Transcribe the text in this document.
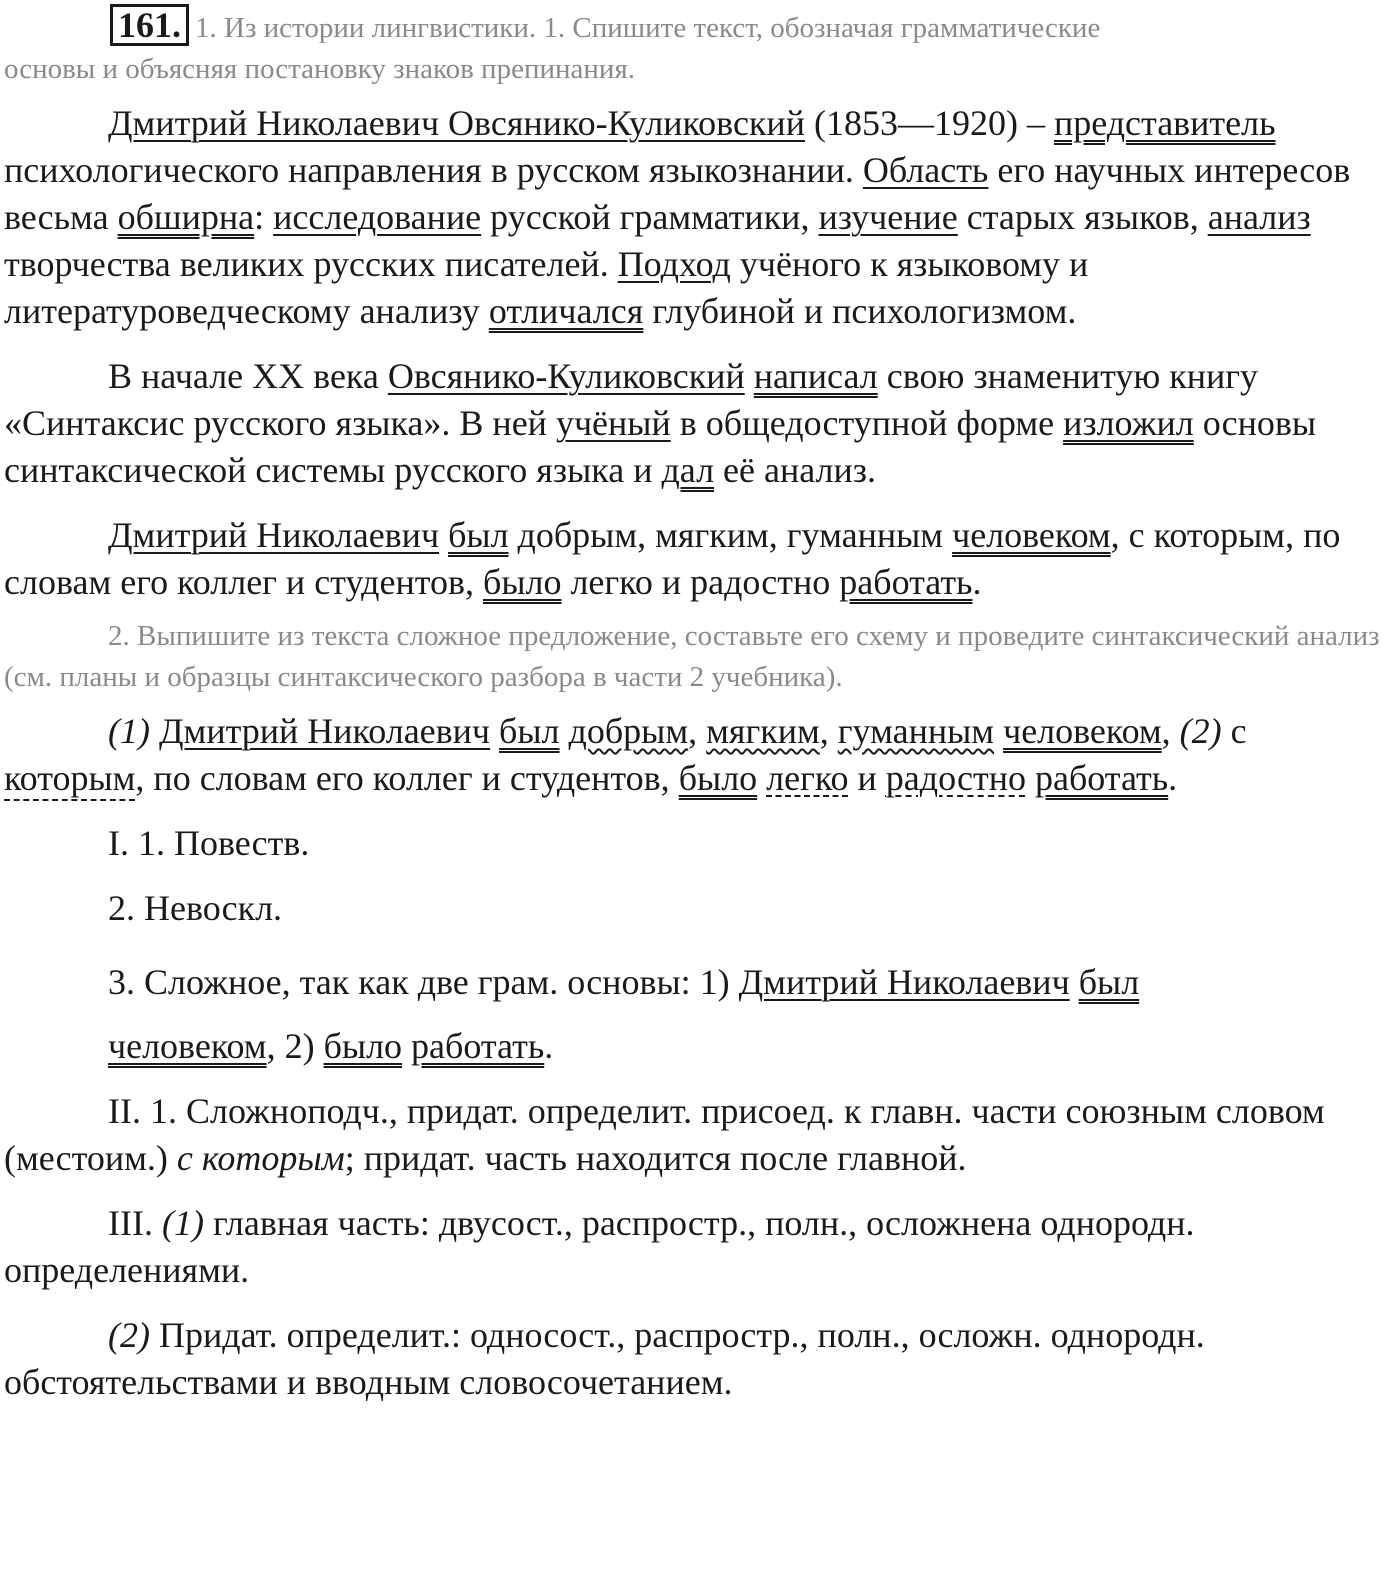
161. 1. Из истории лингвистики. 1. Спишите текст, обозначая грамматические
основы и объясняя постановку знаков препинания.

Дмитрий Николаевич Овсянико-Куликовский (1853—1920) – представитель психологического направления в русском языкознании. Область его научных интересов весьма обширна: исследование русской грамматики, изучение старых языков, анализ творчества великих русских писателей. Подход учёного к языковому и литературоведческому анализу отличался глубиной и психологизмом.

В начале XX века Овсянико-Куликовский написал свою знаменитую книгу «Синтаксис русского языка». В ней учёный в общедоступной форме изложил основы синтаксической системы русского языка и дал её анализ.

Дмитрий Николаевич был добрым, мягким, гуманным человеком, с которым, по словам его коллег и студентов, было легко и радостно работать.

2. Выпишите из текста сложное предложение, составьте его схему и проведите синтаксический анализ (см. планы и образцы синтаксического разбора в части 2 учебника).

(1) Дмитрий Николаевич был добрым, мягким, гуманным человеком, (2) с которым, по словам его коллег и студентов, было легко и радостно работать.

I. 1. Повеств.
2. Невоскл.
3. Сложное, так как две грам. основы: 1) Дмитрий Николаевич был
человеком, 2) было работать.

II. 1. Сложноподч., придат. определит. присоед. к главн. части союзным словом (местоим.) с которым; придат. часть находится после главной.

III. (1) главная часть: двусост., распростр., полн., осложнена однородн. определениями.

(2) Придат. определит.: односост., распростр., полн., осложн. однородн. обстоятельствами и вводным словосочетанием.
